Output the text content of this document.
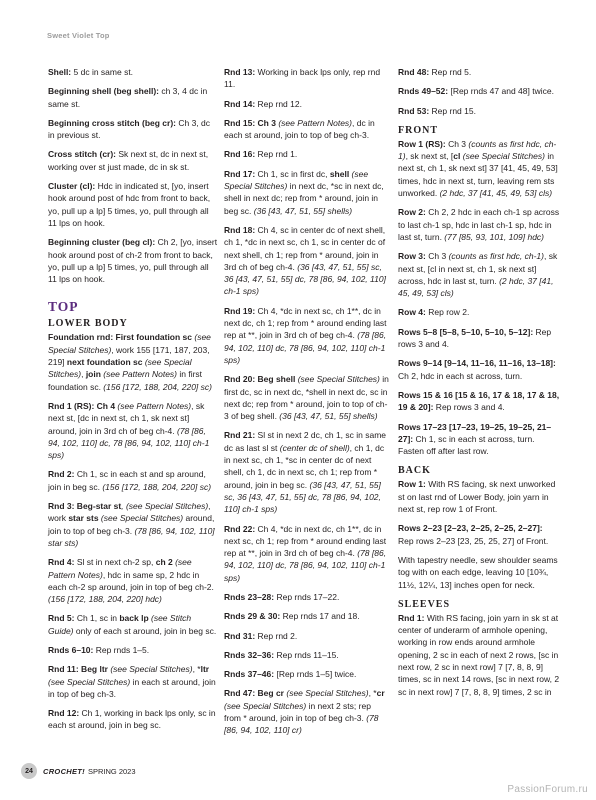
Sweet Violet Top

Shell: 5 dc in same st.

Beginning shell (beg shell): ch 3, 4 dc in same st.

Beginning cross stitch (beg cr): Ch 3, dc in previous st.

Cross stitch (cr): Sk next st, dc in next st, working over st just made, dc in sk st.

Cluster (cl): Hdc in indicated st, [yo, insert hook around post of hdc from front to back, yo, pull up a lp] 5 times, yo, pull through all 11 lps on hook.

Beginning cluster (beg cl): Ch 2, [yo, insert hook around post of ch-2 from front to back, yo, pull up a lp] 5 times, yo, pull through all 11 lps on hook.

TOP
LOWER BODY

Foundation rnd: First foundation sc (see Special Stitches), work 155 [171, 187, 203, 219] next foundation sc (see Special Stitches), join (see Pattern Notes) in first foundation sc. (156 [172, 188, 204, 220] sc)

Rnd 1 (RS): Ch 4 (see Pattern Notes), sk next st, [dc in next st, ch 1, sk next st] around, join in 3rd ch of beg ch-4. (78 [86, 94, 102, 110] dc, 78 [86, 94, 102, 110] ch-1 sps)

Rnd 2: Ch 1, sc in each st and sp around, join in beg sc. (156 [172, 188, 204, 220] sc)

Rnd 3: Beg-star st, (see Special Stitches), work star sts (see Special Stitches) around, join to top of beg ch-3. (78 [86, 94, 102, 110] star sts)

Rnd 4: Sl st in next ch-2 sp, ch 2 (see Pattern Notes), hdc in same sp, 2 hdc in each ch-2 sp around, join in top of beg ch-2. (156 [172, 188, 204, 220] hdc)

Rnd 5: Ch 1, sc in back lp (see Stitch Guide) only of each st around, join in beg sc.

Rnds 6–10: Rep rnds 1–5.

Rnd 11: Beg ltr (see Special Stitches), *ltr (see Special Stitches) in each st around, join in top of beg ch-3.

Rnd 12: Ch 1, working in back lps only, sc in each st around, join in beg sc.

Rnd 13: Working in back lps only, rep rnd 11.

Rnd 14: Rep rnd 12.

Rnd 15: Ch 3 (see Pattern Notes), dc in each st around, join to top of beg ch-3.

Rnd 16: Rep rnd 1.

Rnd 17: Ch 1, sc in first dc, shell (see Special Stitches) in next dc, *sc in next dc, shell in next dc; rep from * around, join in beg sc. (36 [43, 47, 51, 55] shells)

Rnd 18: Ch 4, sc in center dc of next shell, ch 1, *dc in next sc, ch 1, sc in center dc of next shell, ch 1; rep from * around, join in 3rd ch of beg ch-4. (36 [43, 47, 51, 55] sc, 36 [43, 47, 51, 55] dc, 78 [86, 94, 102, 110] ch-1 sps)

Rnd 19: Ch 4, *dc in next sc, ch 1**, dc in next dc, ch 1; rep from * around ending last rep at **, join in 3rd ch of beg ch-4. (78 [86, 94, 102, 110] dc, 78 [86, 94, 102, 110] ch-1 sps)

Rnd 20: Beg shell (see Special Stitches) in first dc, sc in next dc, *shell in next dc, sc in next dc; rep from * around, join to top of ch-3 of beg shell. (36 [43, 47, 51, 55] shells)

Rnd 21: Sl st in next 2 dc, ch 1, sc in same dc as last sl st (center dc of shell), ch 1, dc in next sc, ch 1, *sc in center dc of next shell, ch 1, dc in next sc, ch 1; rep from * around, join in beg sc. (36 [43, 47, 51, 55] sc, 36 [43, 47, 51, 55] dc, 78 [86, 94, 102, 110] ch-1 sps)

Rnd 22: Ch 4, *dc in next dc, ch 1**, dc in next sc, ch 1; rep from * around ending last rep at **, join in 3rd ch of beg ch-4. (78 [86, 94, 102, 110] dc, 78 [86, 94, 102, 110] ch-1 sps)

Rnds 23–28: Rep rnds 17–22.

Rnds 29 & 30: Rep rnds 17 and 18.

Rnd 31: Rep rnd 2.

Rnds 32–36: Rep rnds 11–15.

Rnds 37–46: [Rep rnds 1–5] twice.

Rnd 47: Beg cr (see Special Stitches), *cr (see Special Stitches) in next 2 sts; rep from * around, join in top of beg ch-3. (78 [86, 94, 102, 110] cr)

Rnd 48: Rep rnd 5.

Rnds 49–52: [Rep rnds 47 and 48] twice.

Rnd 53: Rep rnd 15.

FRONT

Row 1 (RS): Ch 3 (counts as first hdc, ch-1), sk next st, [cl (see Special Stitches) in next st, ch 1, sk next st] 37 [41, 45, 49, 53] times, hdc in next st, turn, leaving rem sts unworked. (2 hdc, 37 [41, 45, 49, 53] cls)

Row 2: Ch 2, 2 hdc in each ch-1 sp across to last ch-1 sp, hdc in last ch-1 sp, hdc in last st, turn. (77 [85, 93, 101, 109] hdc)

Row 3: Ch 3 (counts as first hdc, ch-1), sk next st, [cl in next st, ch 1, sk next st] across, hdc in last st, turn. (2 hdc, 37 [41, 45, 49, 53] cls)

Row 4: Rep row 2.

Rows 5–8 [5–8, 5–10, 5–10, 5–12]: Rep rows 3 and 4.

Rows 9–14 [9–14, 11–16, 11–16, 13–18]: Ch 2, hdc in each st across, turn.

Rows 15 & 16 [15 & 16, 17 & 18, 17 & 18, 19 & 20]: Rep rows 3 and 4.

Rows 17–23 [17–23, 19–25, 19–25, 21–27]: Ch 1, sc in each st across, turn. Fasten off after last row.

BACK

Row 1: With RS facing, sk next unworked st on last rnd of Lower Body, join yarn in next st, rep row 1 of Front.

Rows 2–23 [2–23, 2–25, 2–25, 2–27]: Rep rows 2–23 [23, 25, 25, 27] of Front.

With tapestry needle, sew shoulder seams tog with on each edge, leaving 10 [10¾, 11½, 12¼, 13] inches open for neck.

SLEEVES

Rnd 1: With RS facing, join yarn in sk st at center of underarm of armhole opening, working in row ends around armhole opening, 2 sc in each of next 2 rows, [sc in next row, 2 sc in next row] 7 [7, 8, 8, 9] times, sc in next 14 rows, [sc in next row, 2 sc in next row] 7 [7, 8, 8, 9] times, 2 sc in

24	CROCHET! SPRING 2023
PassionForum.ru
